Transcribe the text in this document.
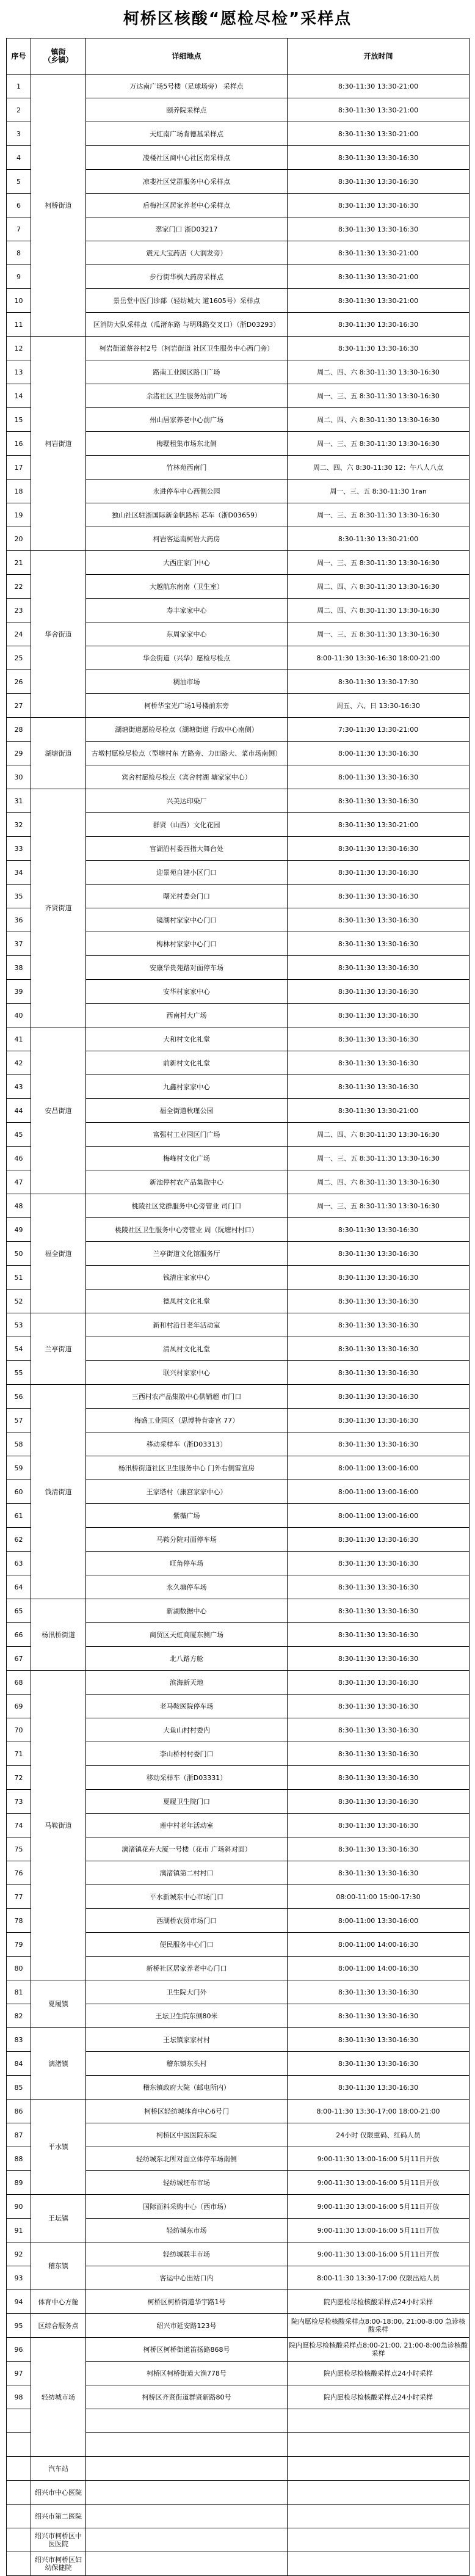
柯桥区核酸“愿检尽检”采样点
序号	镇街
（乡镇）	详细地点	开放时间
1	柯桥街道	万达南广场5号楼（足球场旁） 采样点	8:30-11:30 13:30-21:00
2		颐养院采样点	8:30-11:30 13:30-21:00
3		天虹南广场肯德基采样点	8:30-11:30 13:30-21:00
4		凌楼社区商中心社区南采样点	8:30-11:30 13:30-16:30
5		凉斐社区党群服务中心采样点	8:30-11:30 13:30-16:30
6		后梅社区居家养老中心采样点	8:30-11:30 13:30-16:30
7		翠家门口 浙D03217	8:30-11:30 13:30-16:30
8		震元大宝药店（大润发旁）	8:30-11:30 13:30-21:00
9		步行街华枫大药房采样点	8:30-11:30 13:30-21:00
10		景岳堂中医门诊部（轻纺城大 道1605号）采样点	8:30-11:30 13:30-21:00
11		区消防大队采样点（瓜渚东路 与明珠路交叉口）（浙D03293）	8:30-11:30 13:30-16:30
12	柯岩街道	柯岩街道蔡谷村2号（柯岩街道 社区卫生服务中心西门旁）	8:30-11:30 13:30-16:30
13		路南工业园区路口广场	周二、四、六 8:30-11:30 13:30-16:30
14		余渚社区卫生服务站前广场	周一、三、五 8:30-11:30 13:30-16:30
15		州山居家养老中心前广场	周二、四、六 8:30-11:30 13:30-16:30
16		梅墅租集市场东北侧	周一、三、五 8:30-11:30 13:30-16:30
17		竹林苑西南门	周二、四、六 8:30-11:30 12：午八人八点
18		永进停车中心西侧公园	周一、三、五 8:30-11:30 1ran
19		独山社区驻浙国际新金帆路标 芯车（浙D03659）	周一、三、五 8:30-11:30 13:30-16:30
20		柯岩客运南柯岩大药房	8:30-11:30 13:30-21:00
21	华舍街道	大西庄家门中心	周一、三、五 8:30-11:30 13:30-16:30
22		大越航东南南（卫生室）	周二、四、六 8:30-11:30 13:30-16:30
23		寿丰家家中心	周二、四、六 8:30-11:30 13:30-16:30
24		东周家家中心	周一、三、五 8:30-11:30 13:30-16:30
25		华金街道（兴华）愿检尽检点	8:00-11:30 13:30-16:30 18:00-21:00
26		稠油市场	8:30-11:30 13:30-17:30
27		柯桥华宝光广场1号楼前东旁	周五、六、日 13:30-16:30
28	湖塘街道	湖塘街道愿检尽检点（湖塘街道 行政中心南侧）	7:30-11:30 13:30-21:00
29		古墩村愿检尽检点（型塘村东 方路旁、力田路大、菜市场南侧）	8:00-11:30 13:30-16:30
30		宾舍村愿检尽检点（宾舍村湖 塘家家中心）	8:00-11:30 13:30-16:30
31	齐贤街道	兴美达印染厂	8:30-11:30 13:30-16:30
32		群贤（山西）文化花园	8:30-11:30 13:30-21:00
33		宫湖沿村委西指大舞台处	8:30-11:30 13:30-16:30
34		迎景苑自建小区门口	8:30-11:30 13:30-16:30
35		曙光村委会门口	8:30-11:30 13:30-16:30
36		镜湖村家家中心门口	8:30-11:30 13:30-16:30
37		梅林村家家中心门口	8:30-11:30 13:30-16:30
38		安康华贵苑路对面停车场	8:30-11:30 13:30-16:30
39		安华村家家中心	8:30-11:30 13:30-16:30
40		西南村大广场	8:30-11:30 13:30-16:30
41	安昌街道	大和村文化礼堂	8:30-11:30 13:30-16:30
42		前新村文化礼堂	8:30-11:30 13:30-16:30
43		九鑫村家家中心	8:30-11:30 13:30-16:30
44		福全街道秋瑾公园	8:30-11:30 13:30-21:00
45		富强村工业园区门广场	周二、四、六 8:30-11:30 13:30-16:30
46		梅峰村文化广场	周一、三、五 8:30-11:30 13:30-16:30
47		新池停村农产品集散中心	周二、四、六 8:30-11:30 13:30-16:30
48	福全街道	桃陵社区党群服务中心旁管业 司门口	周一、三、五 8:30-11:30 13:30-16:30
49		桃陵社区卫生服务中心旁管业 周（阮塘村村口）	8:30-11:30 13:30-16:30
50		兰亭街道文化馆服务厅	8:30-11:30 13:30-16:30
51		钱清庄家家中心	8:30-11:30 13:30-16:30
52		德凤村文化礼堂	8:30-11:30 13:30-16:30
53	兰亭街道	新和村沿日老年活动室	8:30-11:30 13:30-16:30
54		清凤村文化礼堂	8:30-11:30 13:30-16:30
55		联兴村家家中心	8:30-11:30 13:30-16:30
56	钱清街道	三西村农产品集散中心供销超 市门口	8:30-11:30 13:30-16:30
57		梅盛工业园区（思博特肯寄官 77）	8:30-11:30 13:30-16:30
58		移动采样车（浙D03313）	8:30-11:30 13:30-16:30
59		杨汛桥街道社区卫生服务中心 门外右侧雷宣房	8:00-11:00 13:00-16:00
60		王家塔村（康宫家家中心）	8:00-11:00 13:00-16:00
61		紫薇广场	8:00-11:00 13:00-16:00
62		马鞍分院对面停车场	8:30-11:30 13:30-16:30
63		旺角停车场	8:30-11:30 13:30-16:30
64		永久塘停车场	8:30-11:30 13:30-16:30
65	杨汛桥街道	新湖数据中心	8:30-11:30 13:30-16:30
66		商贸区天虹商厦东侧广场	8:30-11:30 13:30-16:30
67		北八路方舱	8:30-11:30 13:30-16:30
68	马鞍街道	滨海新天地	8:30-11:30 13:30-16:30
69		老马鞍医院停车场	8:30-11:30 13:30-16:30
70		大鱼山村村委内	8:30-11:30 13:30-16:30
71		李山桥村村委门口	8:30-11:30 13:30-16:30
72		移动采样车（浙D03331）	8:30-11:30 13:30-16:30
73		夏履卫生院门口	8:30-11:30 13:30-16:30
74		莲中村老年活动室	8:30-11:30 13:30-16:30
75		漓渚镇花卉大厦一号楼（花市 广场斜对面）	8:30-11:30 13:30-16:30
76		漓渚镇第二村村口	8:30-11:30 13:30-16:30
77		平水新城东中心市场门口	08:00-11:00 15:00-17:30
78		西湖桥农贸市场门口	8:00-11:00 13:30-16:00
79		便民服务中心门口	8:00-11:00 14:00-16:30
80		新桥社区居家养老中心门口	8:00-11:00 14:00-16:30
81	夏履镇	卫生院大门外	8:30-11:30 13:30-16:30
82		王坛卫生院东侧80米	8:30-11:30 13:30-16:30
83	漓渚镇	王坛镇家家村村	8:30-11:30 13:30-16:30
84		稽东镇东头村	8:30-11:30 13:30-16:30
85		稽东镇政府大院（邮电所内）	8:30-11:30 13:30-16:30
86	平水镇	柯桥区轻纺城体育中心6号门	8:00-11:30 13:30-17:00 18:00-21:00
87		柯桥区中医医院东院	24小时 仅限重码、红码人员
88		轻纺城东北所对面立体停车场南侧	9:00-11:30 13:00-16:00 5月11日开放
89		轻纺城坯布市场	9:00-11:30 13:00-16:00 5月11日开放
90	王坛镇	国际面料采购中心（西市场）	9:00-11:30 13:00-16:00 5月11日开放
91		轻纺城东市场	9:00-11:30 13:00-16:00 5月11日开放
92	稽东镇	轻纺城联丰市场	9:00-11:30 13:00-16:00 5月11日开放
93		客运中心出站口内	8:00-11:30 13:30-17:00 仅限出站人员
94	体育中心方舱	柯桥区柯桥街道华宇路1号	院内愿检尽检核酸采样点24小时采样
95	区综合服务点	绍兴市延安路123号	院内愿检尽检核酸采样点8:00-18:00, 21:00-8:00 急诊核酸采样
96	轻纺城市场	柯桥区柯桥街道笛扬路868号	院内愿检尽检核酸采样点8:00-21:00, 21:00-8:00急诊核酸采样
97		柯桥区柯桥街道大渔778号	院内愿检尽检核酸采样点24小时采样
98		柯桥区齐贤街道群贤新路80号	院内愿检尽检核酸采样点24小时采样

	汽车站		
	绍兴市中心医院		
	绍兴市第二医院		
	绍兴市柯桥区中医医院		
	绍兴市柯桥区妇幼保健院		
